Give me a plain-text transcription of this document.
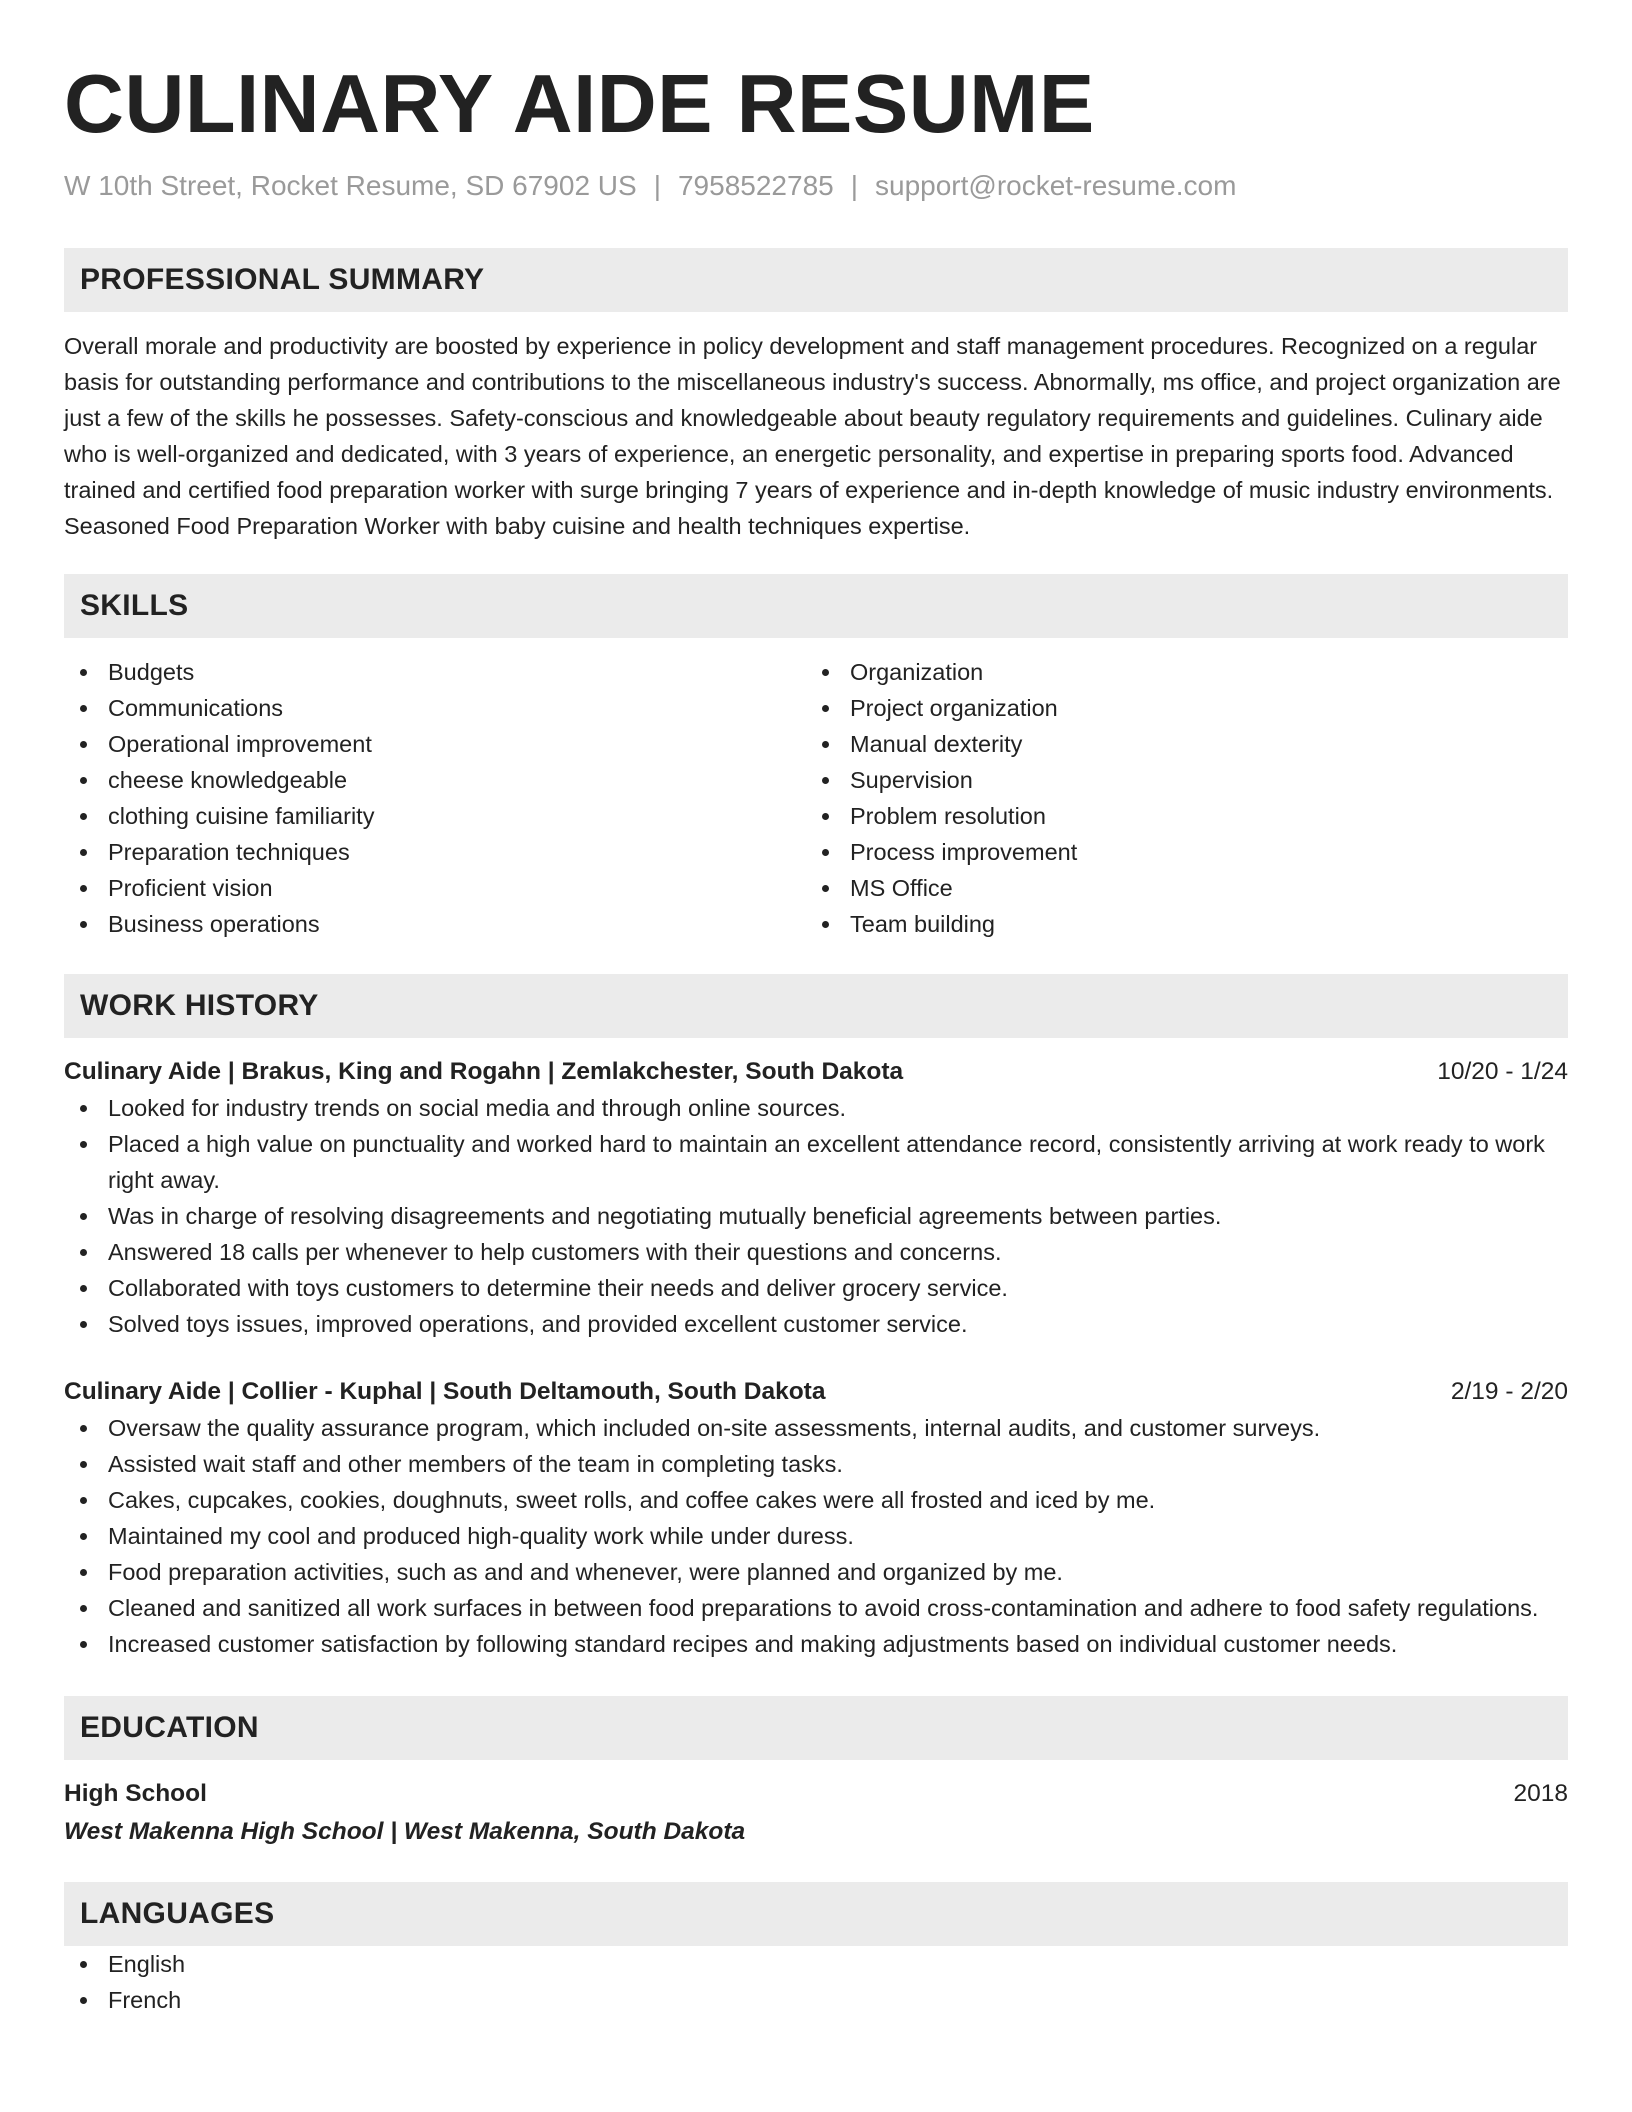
CULINARY AIDE RESUME
W 10th Street, Rocket Resume, SD 67902 US | 7958522785 | support@rocket-resume.com
PROFESSIONAL SUMMARY

Overall morale and productivity are boosted by experience in policy development and staff management procedures. Recognized on a regular basis for outstanding performance and contributions to the miscellaneous industry's success. Abnormally, ms office, and project organization are just a few of the skills he possesses. Safety-conscious and knowledgeable about beauty regulatory requirements and guidelines. Culinary aide who is well-organized and dedicated, with 3 years of experience, an energetic personality, and expertise in preparing sports food. Advanced trained and certified food preparation worker with surge bringing 7 years of experience and in-depth knowledge of music industry environments. Seasoned Food Preparation Worker with baby cuisine and health techniques expertise.

SKILLS
Budgets
Communications
Operational improvement
cheese knowledgeable
clothing cuisine familiarity
Preparation techniques
Proficient vision
Business operations
Organization
Project organization
Manual dexterity
Supervision
Problem resolution
Process improvement
MS Office
Team building
WORK HISTORY
Culinary Aide | Brakus, King and Rogahn | Zemlakchester, South Dakota	10/20 - 1/24
Looked for industry trends on social media and through online sources.
Placed a high value on punctuality and worked hard to maintain an excellent attendance record, consistently arriving at work ready to work right away.
Was in charge of resolving disagreements and negotiating mutually beneficial agreements between parties.
Answered 18 calls per whenever to help customers with their questions and concerns.
Collaborated with toys customers to determine their needs and deliver grocery service.
Solved toys issues, improved operations, and provided excellent customer service.
Culinary Aide | Collier - Kuphal | South Deltamouth, South Dakota	2/19 - 2/20
Oversaw the quality assurance program, which included on-site assessments, internal audits, and customer surveys.
Assisted wait staff and other members of the team in completing tasks.
Cakes, cupcakes, cookies, doughnuts, sweet rolls, and coffee cakes were all frosted and iced by me.
Maintained my cool and produced high-quality work while under duress.
Food preparation activities, such as and and whenever, were planned and organized by me.
Cleaned and sanitized all work surfaces in between food preparations to avoid cross-contamination and adhere to food safety regulations.
Increased customer satisfaction by following standard recipes and making adjustments based on individual customer needs.
EDUCATION
High School	2018
West Makenna High School | West Makenna, South Dakota
LANGUAGES
English
French
